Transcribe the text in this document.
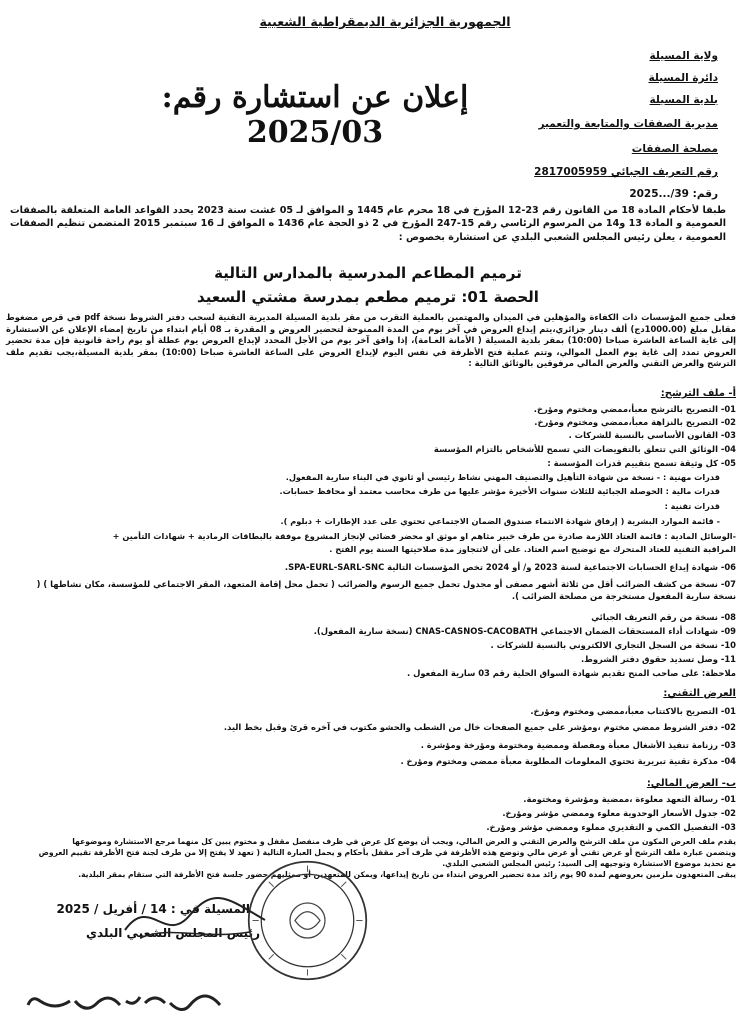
الجمهورية الجزائرية الديمقراطية الشعبية
ولاية المسيلة
دائرة المسيلة
بلدية المسيلة
مديرية الصفقات والمتابعة والتعمير
مصلحة الصفقات
رقم التعريف الجبائي 2817005959
رقم: 39/...2025
إعلان عن استشارة رقم: 2025/03
طبقا لأحكام المادة 18 من القانون رقم 23-12 المؤرخ في 18 محرم عام 1445 و الموافق لـ 05 غشت سنة 2023 يحدد القواعد العامة المتعلقة بالصفقات العمومية و المادة 13 و14 من المرسوم الرئاسي رقم 15-247 المؤرخ في 2 ذو الحجة عام 1436 ه الموافق لـ 16 سبتمبر 2015 المتضمن تنظيم الصفقات العمومية ، يعلن رئيس المجلس الشعبي البلدي عن استشارة بخصوص :
ترميم المطاعم المدرسية بالمدارس التالية
الحصة 01: ترميم مطعم بمدرسة مشتي السعيد
فعلى جميع المؤسسات ذات الكفاءة والمؤهلين في الميدان والمهتمين بالعملية التقرب من مقر بلدية المسيلة المديرية التقنية لسحب دفتر الشروط نسخة pdf في قرص مضغوط مقابل مبلغ (1000.00دج) ألف دينار جزائري،يتم إيداع العروض في آخر يوم من المدة الممنوحة لتحضير العروض و المقدرة بـ 08 أيام ابتداء من تاريخ إمضاء الإعلان عن الاستشارة إلى غاية الساعة العاشرة صباحا (10:00) بمقر بلدية المسيلة ( الأمانة العـامة)، إذا وافق آخر يوم من الأجل المحدد لإيداع العروض يوم عطلة أو يوم راحة قانونية فإن مدة تحضير العروض تمدد إلى غاية يوم العمل الموالي، وتتم عملية فتح الأظرفة في نفس اليوم لإيداع العروض على الساعة العاشرة صباحا (10:00) بمقر بلدية المسيلة،يجب تقديم ملف الترشح والعرض التقني والعرض المالي مرفوقين بالوثائق التالية :
أ- ملف الترشح:
01- التصريح بالترشح معبأ،ممضي ومختوم ومؤرخ.
02- التصريح بالنزاهة معبأ،ممضي ومختوم ومؤرخ.
03- القانون الأساسي بالنسبة للشركات .
04- الوثائق التي تتعلق بالتفويضات التي تسمح للأشخاص بالتزام المؤسسة
05- كل وثيقة تسمح بتقييم قدرات المؤسسة :
قدرات مهنية : - نسخة من شهادة التأهيل والتصنيف المهني نشاط رئيسي أو ثانوي في البناء سارية المفعول.
قدرات مالية : الحوصلة الجبائية للثلاث سنوات الأخيرة مؤشر عليها من طرف محاسب معتمد أو محافظ حسابات.
قدرات تقنية :
- قائمة الموارد البشرية ( إرفاق شهادة الانتماء صندوق الضمان الاجتماعي تحتوي على عدد الإطارات + دبلوم ).
-الوسائل المادية : قائمة العتاد اللازمة صادرة من طرف خبير مثاهم او موثق او محضر قضائي لإنجاز المشروع موفقة بالبطاقات الرمادية + شهادات التأمين +
المراقبة التقنية للعتاد المتحرك مع توضيح اسم العتاد. على أن لاتتجاوز مدة صلاحيتها السنة يوم الفتح .
06- شهادة إيداع الحسابات الاجتماعية لسنة 2023 و/ أو 2024 تخص المؤسسات التالية SPA-EURL-SARL-SNC.
07- نسخة من كشف الضرائب أقل من ثلاثة أشهر مصفى أو مجدول تحمل جميع الرسوم والضرائب ( تحمل محل إقامة المتعهد، المقر الاجتماعي للمؤسسة، مكان نشاطها ) ( نسخة سارية المفعول مستخرجة من مصلحة الضرائب ).
08- نسخة من رقم التعريف الجبائي
09- شهادات أداء المستحقات الضمان الاجتماعي CNAS-CASNOS-CACOBATH (نسخة سارية المفعول).
10- نسخة من السجل التجاري الالكتروني بالنسبة للشركات .
11- وصل تسديد حقوق دفتر الشروط.
ملاحظة: على صاحب المنح تقديم شهادة السواق الحلية رقم 03 سارية المفعول .
العرض التقني:
01- التصريح بالاكتتاب معبأ،ممضي ومختوم ومؤرخ.
02- دفتر الشروط ممضي مختوم ،ومؤشر على جميع الصفحات خال من الشطب والحشو مكتوب في آخره قرئ وقبل بخط اليد.
03- رزنامة تنفيذ الأشغال معبأة ومفصلة وممضية ومختومة ومؤرخة ومؤشرة .
04- مذكرة تقنية تبريرية تحتوي المعلومات المطلوبة معبأة ممضي ومختوم ومؤرخ .
ب- العرض المالي:
01- رسالة التعهد معلوءة ،ممضية ومؤشرة ومختومة.
02- جدول الأسعار الوحدوية معلوء وممضي مؤشر ومؤرخ.
03- التفصيل الكمي و التقديري مملوء وممضي مؤشر ومؤرخ.
يقدم ملف العرض المكون من ملف الترشح والعرض التقني و العرض المالي، ويجب أن يوضع كل عرض في ظرف منفصل مقفل و مختوم يبين كل منهما مرجع الاستشارة وموضوعها
ويتضمن عبارة ملف الترشح أو عرض تقني أو عرض مالي وتوضع هذه الأظرفة في ظرف آخر مقفل بأحكام و يحمل العبارة التالية ( تعهد لا يفتح إلا من طرف لجنة فتح الأظرفة تقييم العروض
مع تحديد موضوع الاستشارة وتوجيهه إلى السيد: رئيس المجلس الشعبي البلدي.
يبقى المتعهدون ملزمين بعروضهم لمدة 90 يوم زائد مدة تحضير العروض ابتداء من تاريخ إيداعها، ويمكن للمتعهدين أو ممثليهم حضور جلسة فتح الأظرفة التي ستقام بمقر البلدية.
المسيلة في : 14 / أفريل / 2025
رئيس المجلس الشعبي البلدي
